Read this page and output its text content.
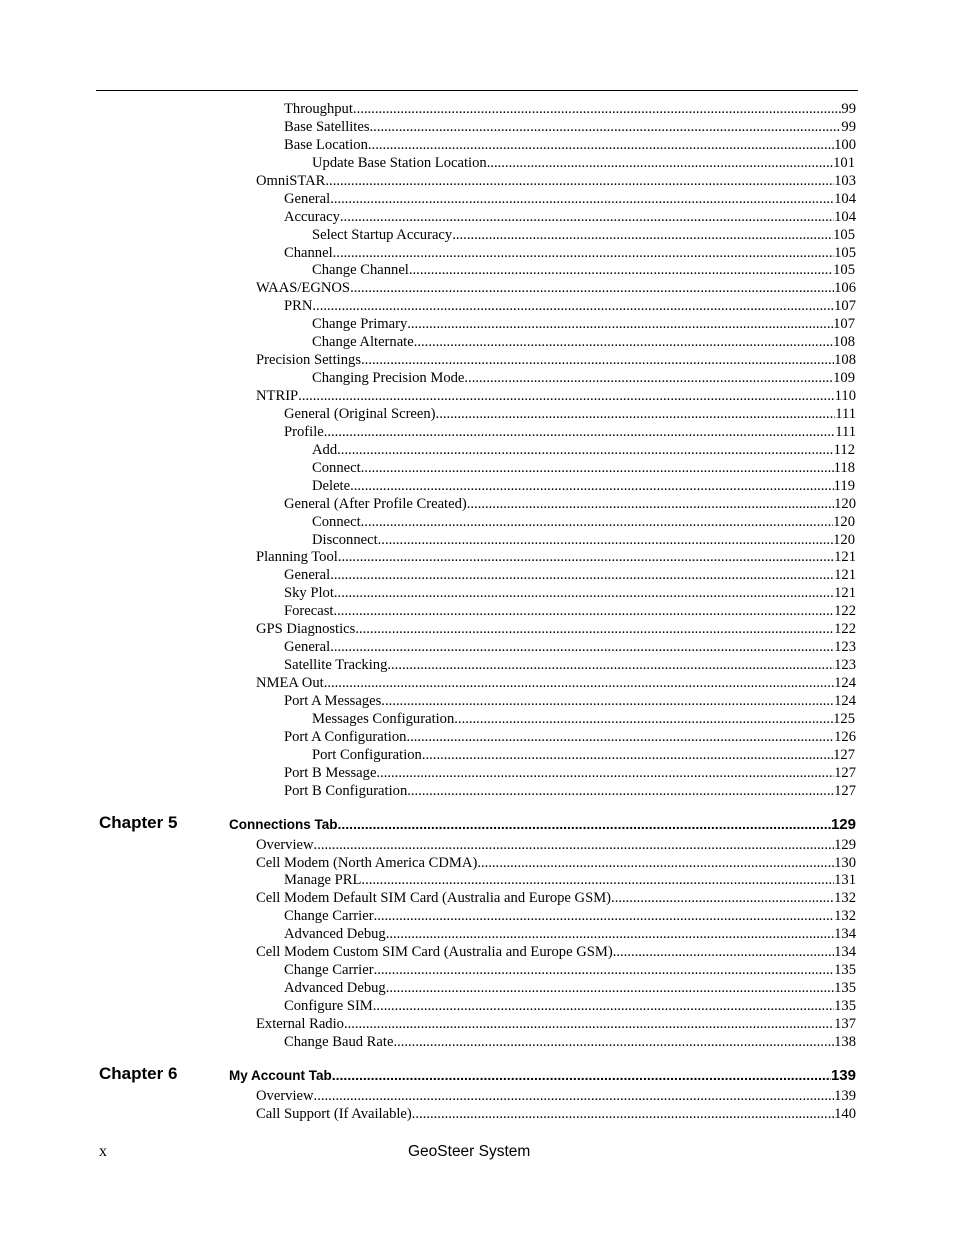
Throughput .....	99
Base Satellites .....	99
Base Location .....	100
Update Base Station Location .....	101
OmniSTAR .....	103
General .....	104
Accuracy .....	104
Select Startup Accuracy .....	105
Channel .....	105
Change Channel .....	105
WAAS/EGNOS .....	106
PRN .....	107
Change Primary .....	107
Change Alternate .....	108
Precision Settings .....	108
Changing Precision Mode .....	109
NTRIP .....	110
General (Original Screen) .....	111
Profile .....	111
Add .....	112
Connect .....	118
Delete .....	119
General (After Profile Created) .....	120
Connect .....	120
Disconnect .....	120
Planning Tool .....	121
General .....	121
Sky Plot .....	121
Forecast .....	122
GPS Diagnostics .....	122
General .....	123
Satellite Tracking .....	123
NMEA Out .....	124
Port A Messages .....	124
Messages Configuration .....	125
Port A Configuration .....	126
Port Configuration .....	127
Port B Message .....	127
Port B Configuration .....	127
Chapter 5	Connections Tab .....	129
Overview .....	129
Cell Modem (North America CDMA) .....	130
Manage PRL .....	131
Cell Modem Default SIM Card (Australia and Europe GSM) .....	132
Change Carrier .....	132
Advanced Debug .....	134
Cell Modem Custom SIM Card (Australia and Europe GSM) .....	134
Change Carrier .....	135
Advanced Debug .....	135
Configure SIM .....	135
External Radio .....	137
Change Baud Rate .....	138
Chapter 6	My Account Tab .....	139
Overview .....	139
Call Support (If Available) .....	140
x	GeoSteer System
